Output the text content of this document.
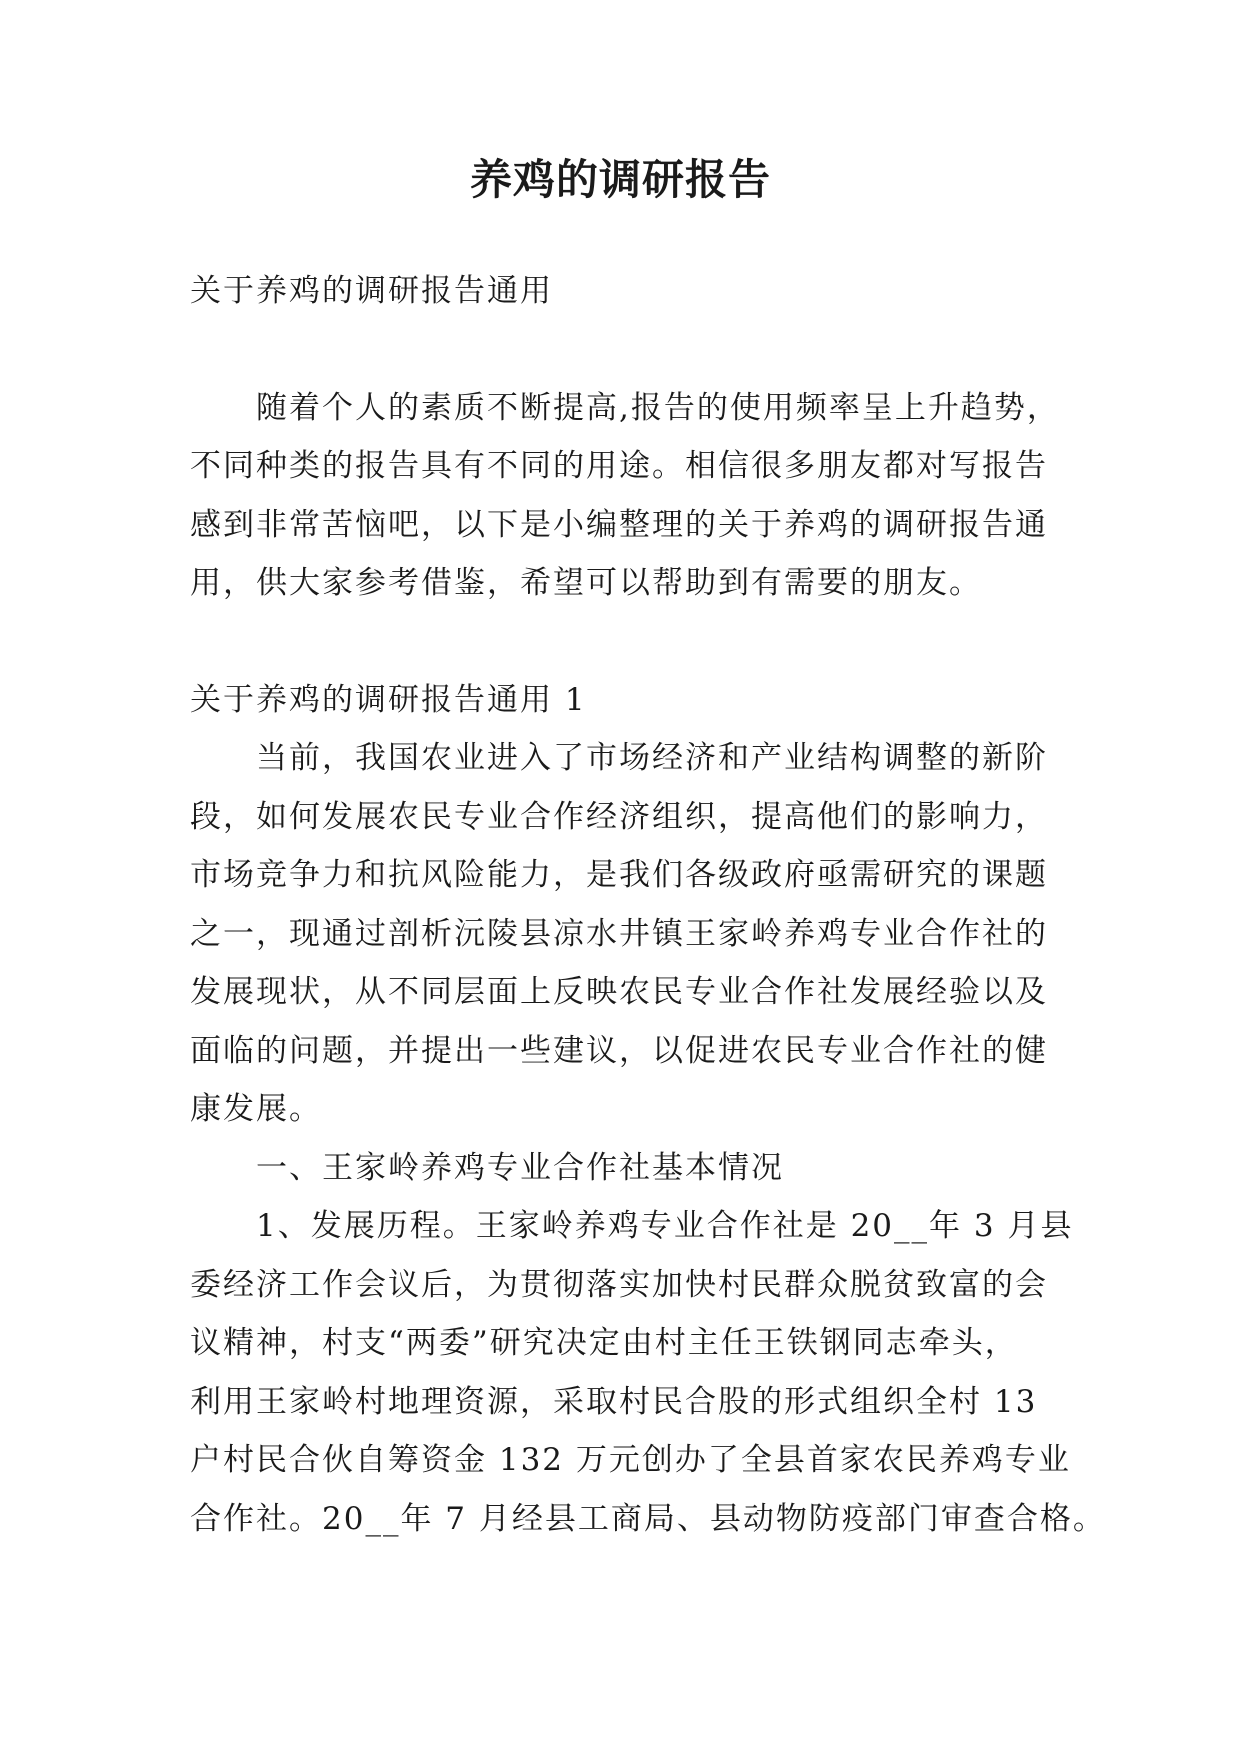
养鸡的调研报告
关于养鸡的调研报告通用
随着个人的素质不断提高,报告的使用频率呈上升趋势，
不同种类的报告具有不同的用途。相信很多朋友都对写报告
感到非常苦恼吧，以下是小编整理的关于养鸡的调研报告通
用，供大家参考借鉴，希望可以帮助到有需要的朋友。
关于养鸡的调研报告通用 1
当前，我国农业进入了市场经济和产业结构调整的新阶
段，如何发展农民专业合作经济组织，提高他们的影响力，
市场竞争力和抗风险能力，是我们各级政府亟需研究的课题
之一，现通过剖析沅陵县凉水井镇王家岭养鸡专业合作社的
发展现状，从不同层面上反映农民专业合作社发展经验以及
面临的问题，并提出一些建议，以促进农民专业合作社的健
康发展。
一、王家岭养鸡专业合作社基本情况
1、发展历程。王家岭养鸡专业合作社是 20__年 3 月县
委经济工作会议后，为贯彻落实加快村民群众脱贫致富的会
议精神，村支“两委”研究决定由村主任王铁钢同志牵头，
利用王家岭村地理资源，采取村民合股的形式组织全村 13
户村民合伙自筹资金 132 万元创办了全县首家农民养鸡专业
合作社。20__年 7 月经县工商局、县动物防疫部门审查合格。
